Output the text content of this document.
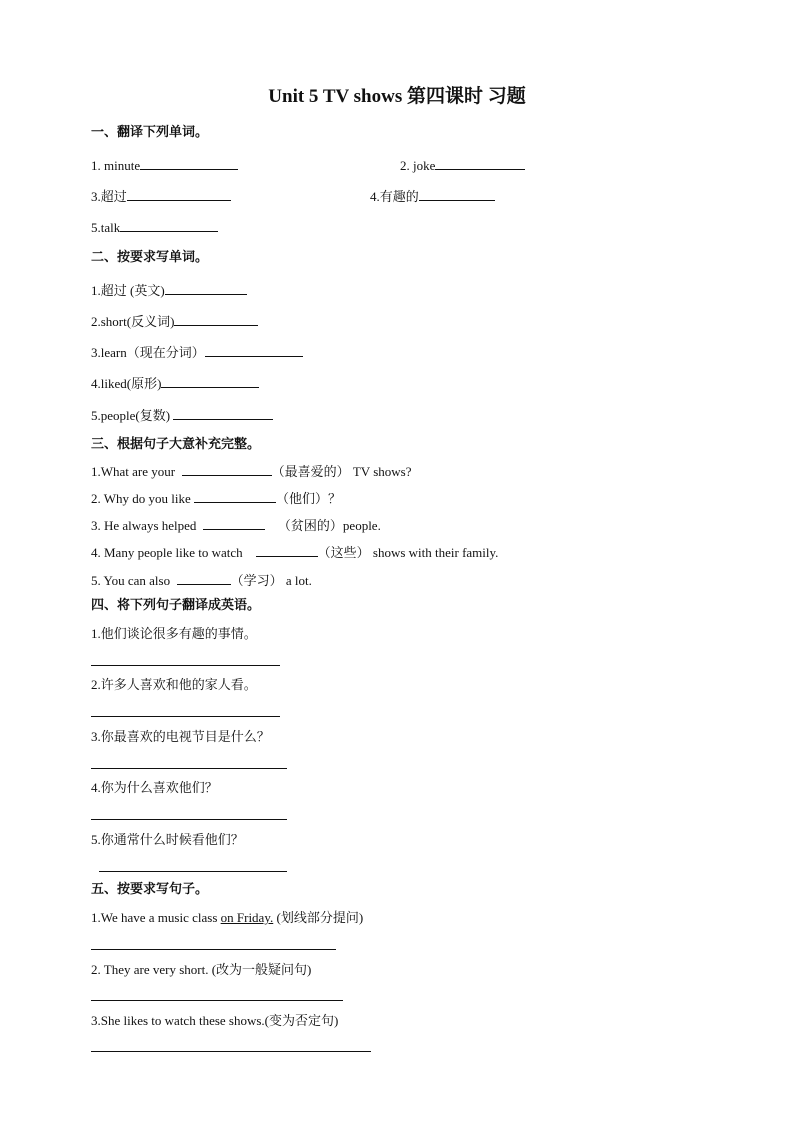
Unit 5 TV shows 第四课时 习题
一、翻译下列单词。
1. minute	2. joke
3.超过	4.有趣的
5.talk
二、按要求写单词。
1.超过 (英文)
2.short(反义词)
3.learn（现在分词）
4.liked(原形)
5.people(复数)
三、根据句子大意补充完整。
1.What are your	（最喜爱的） TV shows?
2. Why do you like	（他们）？
3. He always helped	（贫困的）people.
4. Many people like to watch	（这些） shows with their family.
5. You can also	（学习） a lot.
四、将下列句子翻译成英语。
1.他们谈论很多有趣的事情。
2.许多人喜欢和他的家人看。
3.你最喜欢的电视节目是什么？
4.你为什么喜欢他们？
5.你通常什么时候看他们？
五、按要求写句子。
1.We have a music class on Friday. (划线部分提问)
2. They are very short. (改为一般疑问句)
3.She likes to watch these shows.(变为否定句)
